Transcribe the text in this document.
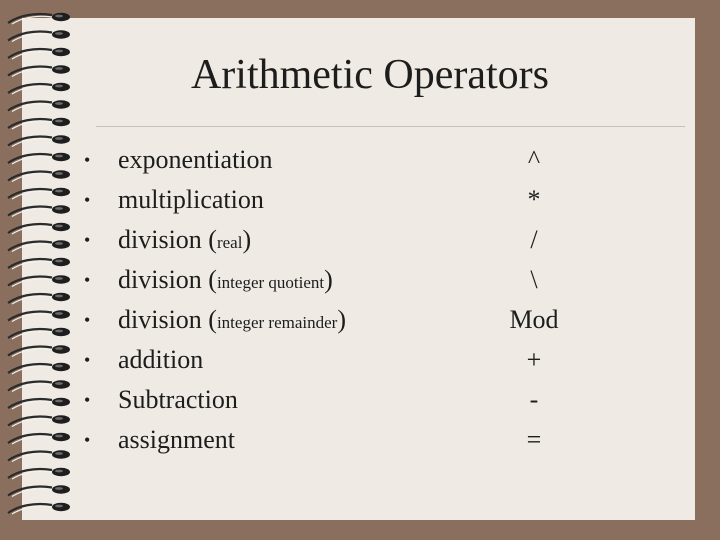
Arithmetic Operators
•	exponentiation	^
•	multiplication	*
•	division (real)	/
•	division (integer quotient)	\
•	division (integer remainder)	Mod
•	addition	+
•	Subtraction	-
•	assignment	=
